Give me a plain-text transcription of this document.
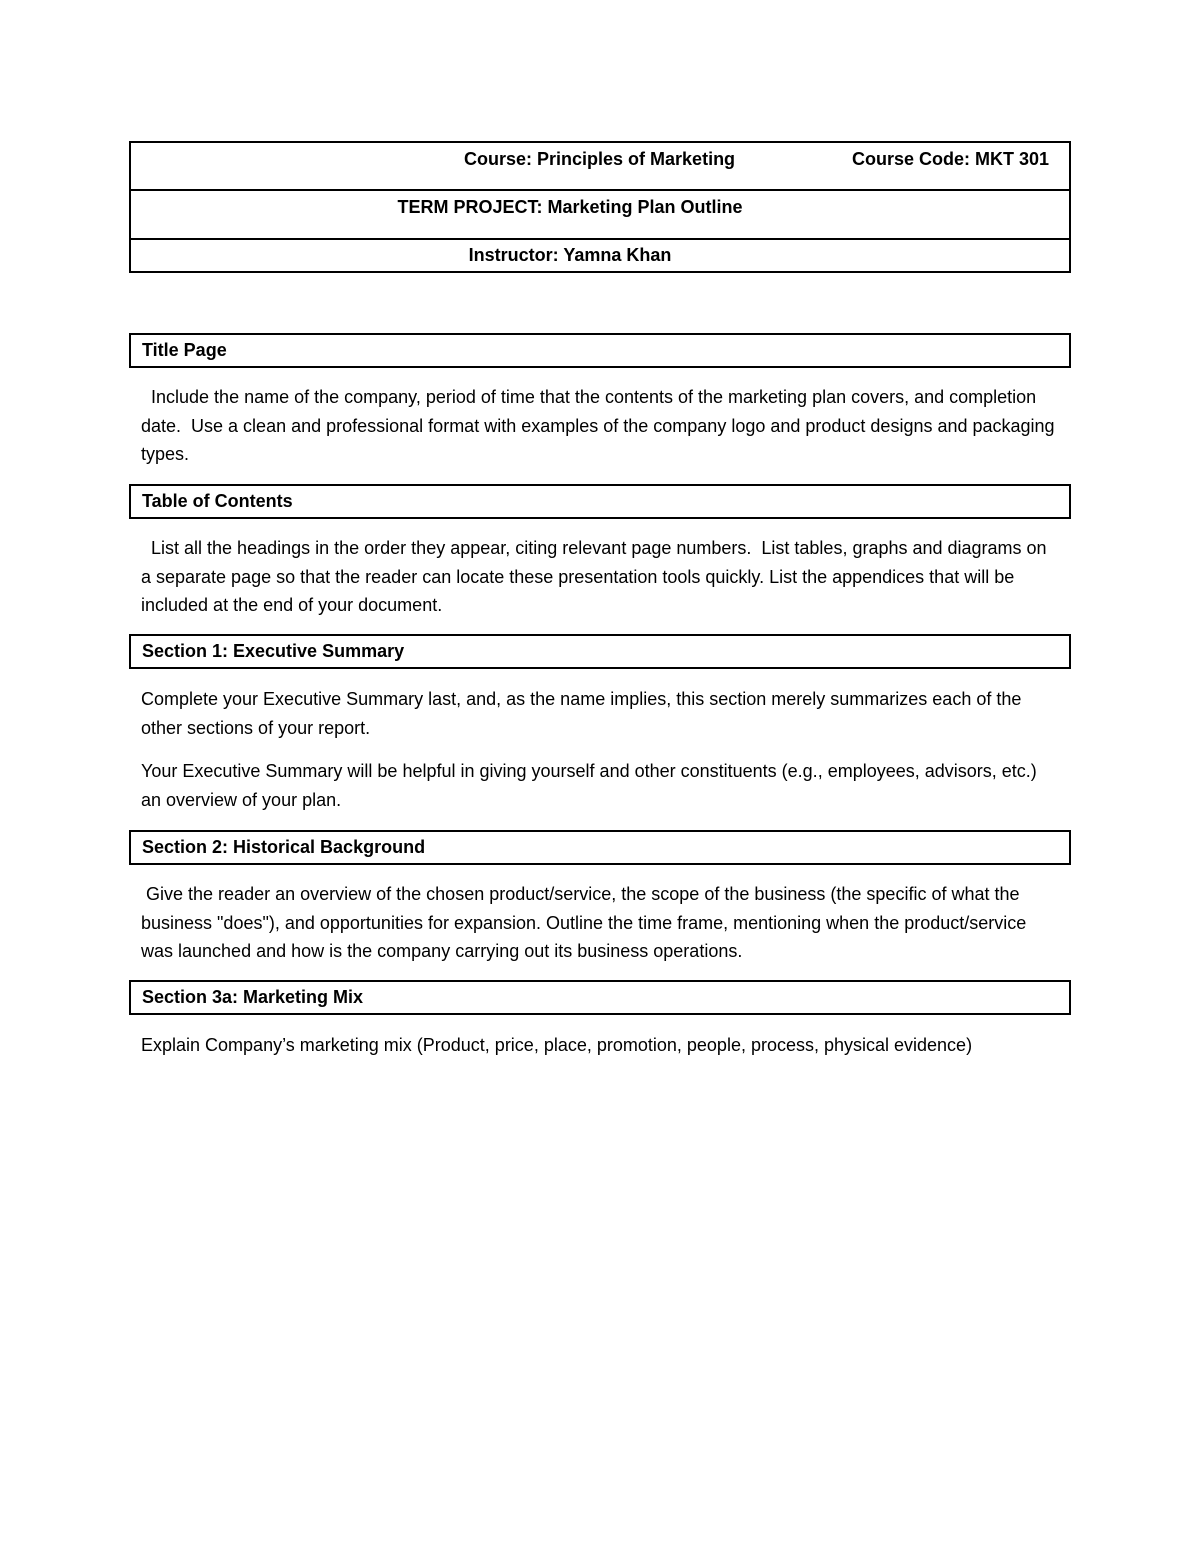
Course: Principles of Marketing	Course Code: MKT 301
TERM PROJECT: Marketing Plan Outline
Instructor: Yamna Khan
Title Page
Include the name of the company, period of time that the contents of the marketing plan covers, and completion date.  Use a clean and professional format with examples of the company logo and product designs and packaging types.
Table of Contents
List all the headings in the order they appear, citing relevant page numbers.  List tables, graphs and diagrams on a separate page so that the reader can locate these presentation tools quickly. List the appendices that will be included at the end of your document.
Section 1: Executive Summary
Complete your Executive Summary last, and, as the name implies, this section merely summarizes each of the other sections of your report.
Your Executive Summary will be helpful in giving yourself and other constituents (e.g., employees, advisors, etc.) an overview of your plan.
Section 2: Historical Background
Give the reader an overview of the chosen product/service, the scope of the business (the specific of what the business "does"), and opportunities for expansion. Outline the time frame, mentioning when the product/service was launched and how is the company carrying out its business operations.
Section 3a: Marketing Mix
Explain Company’s marketing mix (Product, price, place, promotion, people, process, physical evidence)
